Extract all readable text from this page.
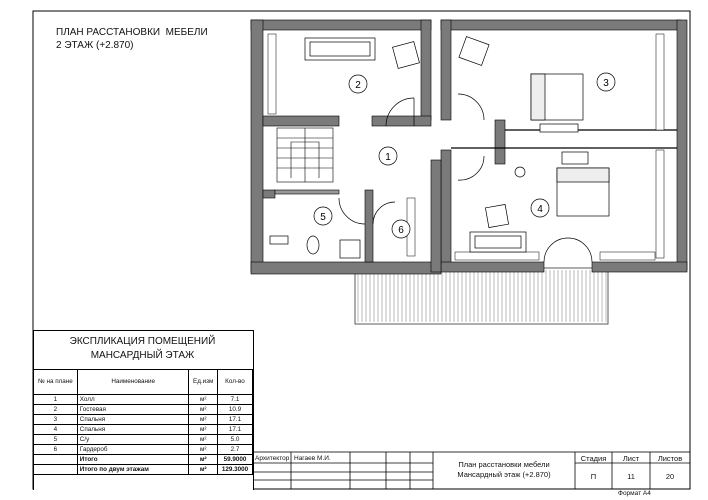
2
1
3
4
5
6
ПЛАН РАССТАНОВКИ  МЕБЕЛИ
2 ЭТАЖ (+2.870)
ЭКСПЛИКАЦИЯ ПОМЕЩЕНИЙ
МАНСАРДНЫЙ ЭТАЖ
№ на плане	Наименование	Ед.изм	Кол-во
1	Холл	м²	7.1
2	Гостевая	м²	10.9
3	Спальня	м²	17.1
4	Спальня	м²	17.1
5	С/у	м²	5.0
6	Гардероб	м²	2.7
	Итого	м²	59.9000
	Итого по двум этажам	м²	129.3000
Архитектор Нагаев М.И.
План расстановки мебели
Мансардный этаж (+2.870)
Стадия	Лист	Листов
П	11	20
Формат А4
